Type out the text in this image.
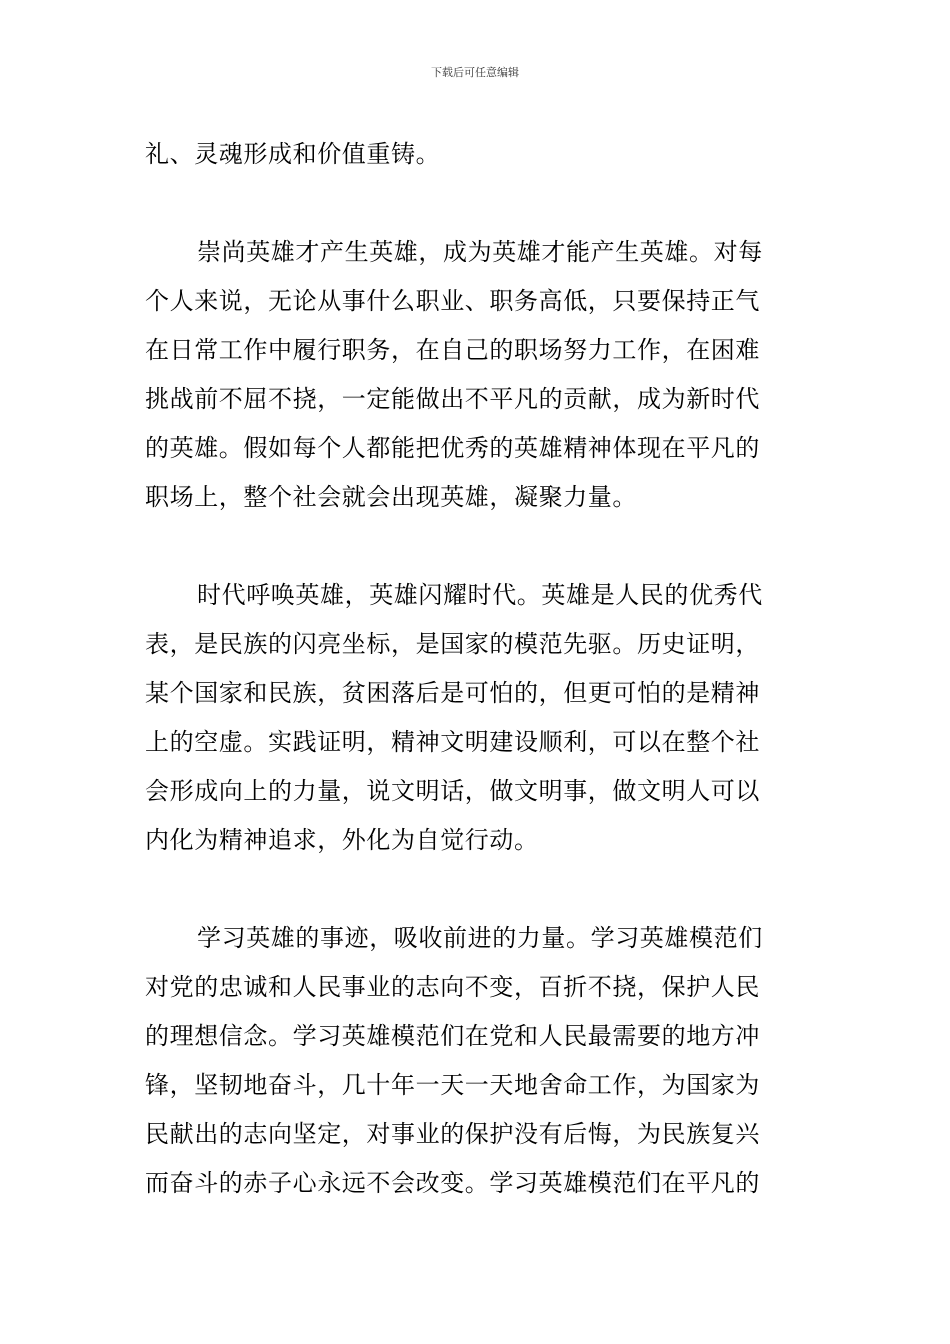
下载后可任意编辑
礼、灵魂形成和价值重铸。
崇尚英雄才产生英雄，成为英雄才能产生英雄。对每
个人来说，无论从事什么职业、职务高低，只要保持正气
在日常工作中履行职务，在自己的职场努力工作，在困难
挑战前不屈不挠，一定能做出不平凡的贡献，成为新时代
的英雄。假如每个人都能把优秀的英雄精神体现在平凡的
职场上，整个社会就会出现英雄，凝聚力量。
时代呼唤英雄，英雄闪耀时代。英雄是人民的优秀代
表，是民族的闪亮坐标，是国家的模范先驱。历史证明，
某个国家和民族，贫困落后是可怕的，但更可怕的是精神
上的空虚。实践证明，精神文明建设顺利，可以在整个社
会形成向上的力量，说文明话，做文明事，做文明人可以
内化为精神追求，外化为自觉行动。
学习英雄的事迹，吸收前进的力量。学习英雄模范们
对党的忠诚和人民事业的志向不变，百折不挠，保护人民
的理想信念。学习英雄模范们在党和人民最需要的地方冲
锋，坚韧地奋斗，几十年一天一天地舍命工作，为国家为
民献出的志向坚定，对事业的保护没有后悔，为民族复兴
而奋斗的赤子心永远不会改变。学习英雄模范们在平凡的
